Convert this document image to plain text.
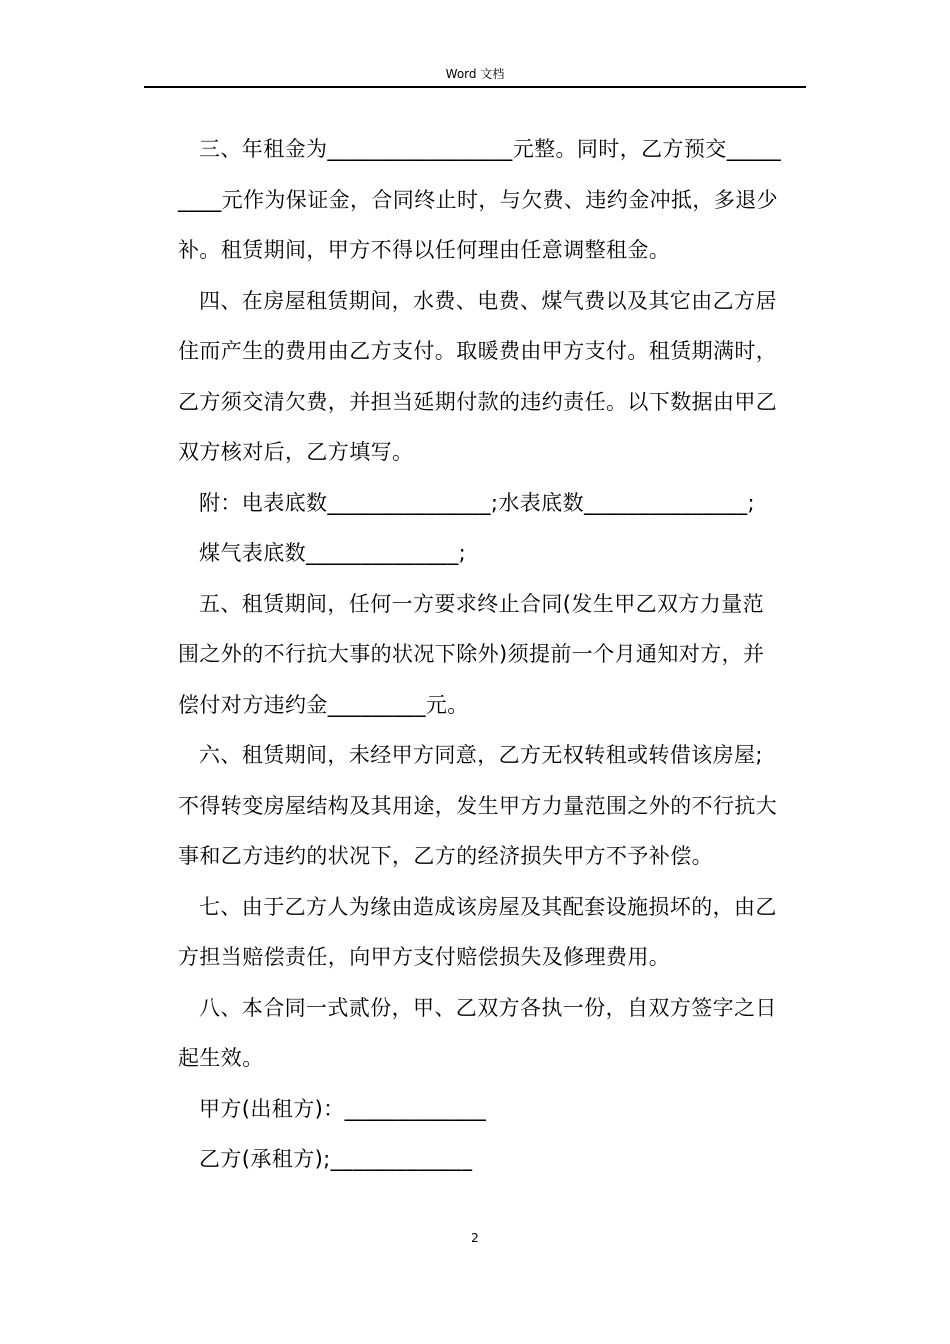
Word 文档

三、年租金为_________________元整。同时，乙方预交_____

____元作为保证金，合同终止时，与欠费、违约金冲抵，多退少

补。租赁期间，甲方不得以任何理由任意调整租金。

四、在房屋租赁期间，水费、电费、煤气费以及其它由乙方居

住而产生的费用由乙方支付。取暖费由甲方支付。租赁期满时，

乙方须交清欠费，并担当延期付款的违约责任。以下数据由甲乙

双方核对后，乙方填写。

附：电表底数_______________;水表底数_______________;

煤气表底数______________;

五、租赁期间，任何一方要求终止合同(发生甲乙双方力量范

围之外的不行抗大事的状况下除外)须提前一个月通知对方，并

偿付对方违约金_________元。

六、租赁期间，未经甲方同意，乙方无权转租或转借该房屋;

不得转变房屋结构及其用途，发生甲方力量范围之外的不行抗大

事和乙方违约的状况下，乙方的经济损失甲方不予补偿。

七、由于乙方人为缘由造成该房屋及其配套设施损坏的，由乙

方担当赔偿责任，向甲方支付赔偿损失及修理费用。

八、本合同一式贰份，甲、乙双方各执一份，自双方签字之日

起生效。

甲方(出租方)：_____________

乙方(承租方);_____________

2
